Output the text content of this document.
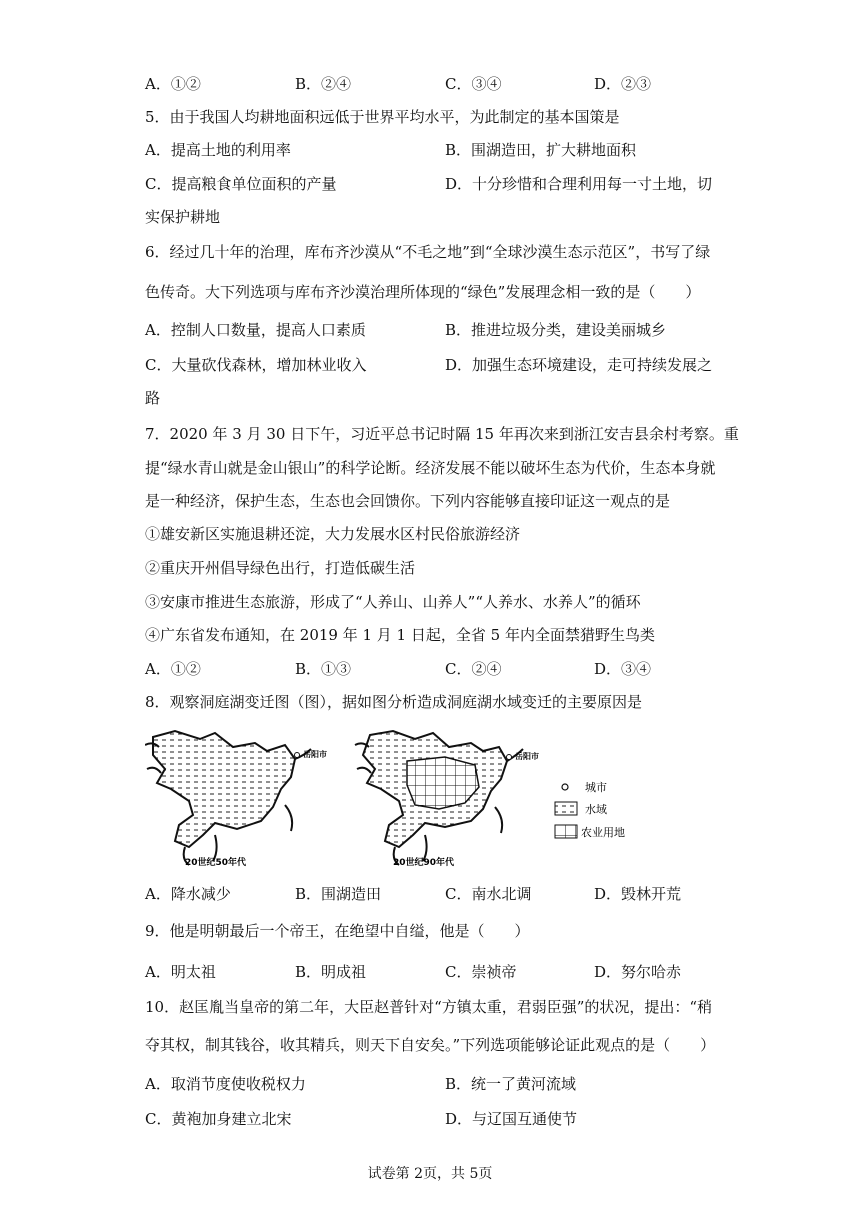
A．①②	B．②④	C．③④	D．②③
5．由于我国人均耕地面积远低于世界平均水平，为此制定的基本国策是
A．提高土地的利用率	B．围湖造田，扩大耕地面积
C．提高粮食单位面积的产量	D．十分珍惜和合理利用每一寸土地，切
实保护耕地
6．经过几十年的治理，库布齐沙漠从“不毛之地”到“全球沙漠生态示范区”，书写了绿
色传奇。大下列选项与库布齐沙漠治理所体现的“绿色”发展理念相一致的是（　　）
A．控制人口数量，提高人口素质	B．推进垃圾分类，建设美丽城乡
C．大量砍伐森林，增加林业收入	D．加强生态环境建设，走可持续发展之
路
7．2020 年 3 月 30 日下午，习近平总书记时隔 15 年再次来到浙江安吉县余村考察。重
提“绿水青山就是金山银山”的科学论断。经济发展不能以破坏生态为代价，生态本身就
是一种经济，保护生态，生态也会回馈你。下列内容能够直接印证这一观点的是
①雄安新区实施退耕还淀，大力发展水区村民俗旅游经济
②重庆开州倡导绿色出行，打造低碳生活
③安康市推进生态旅游，形成了“人养山、山养人”“人养水、水养人”的循环
④广东省发布通知，在 2019 年 1 月 1 日起，全省 5 年内全面禁猎野生鸟类
A．①②	B．①③	C．②④	D．③④
8．观察洞庭湖变迁图（图），据如图分析造成洞庭湖水域变迁的主要原因是
岳阳市
20世纪50年代
岳阳市
20世纪90年代
城市
水域
农业用地
A．降水减少	B．围湖造田	C．南水北调	D．毁林开荒
9．他是明朝最后一个帝王，在绝望中自缢，他是（　　）
A．明太祖	B．明成祖	C．崇祯帝	D．努尔哈赤
10．赵匡胤当皇帝的第二年，大臣赵普针对“方镇太重，君弱臣强”的状况，提出：“稍
夺其权，制其钱谷，收其精兵，则天下自安矣。”下列选项能够论证此观点的是（　　）
A．取消节度使收税权力	B．统一了黄河流域
C．黄袍加身建立北宋	D．与辽国互通使节
试卷第 2页，共 5页
